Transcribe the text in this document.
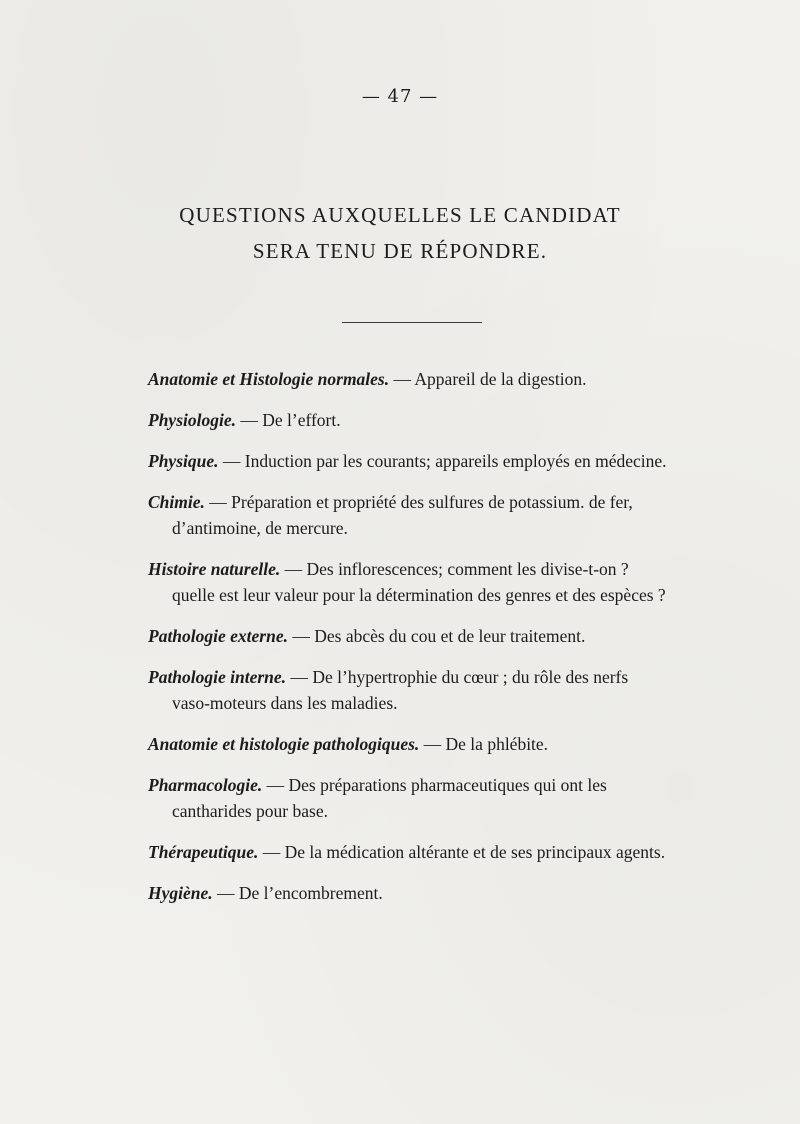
— 47 —
QUESTIONS AUXQUELLES LE CANDIDAT
SERA TENU DE RÉPONDRE.
Anatomie et Histologie normales. — Appareil de la digestion.
Physiologie. — De l’effort.
Physique. — Induction par les courants; appareils employés en médecine.
Chimie. — Préparation et propriété des sulfures de potassium. de fer, d’antimoine, de mercure.
Histoire naturelle. — Des inflorescences; comment les divise-t-on ? quelle est leur valeur pour la détermination des genres et des espèces ?
Pathologie externe. — Des abcès du cou et de leur traitement.
Pathologie interne. — De l’hypertrophie du cœur ; du rôle des nerfs vaso-moteurs dans les maladies.
Anatomie et histologie pathologiques. — De la phlébite.
Pharmacologie. — Des préparations pharmaceutiques qui ont les cantharides pour base.
Thérapeutique. — De la médication altérante et de ses principaux agents.
Hygiène. — De l’encombrement.
